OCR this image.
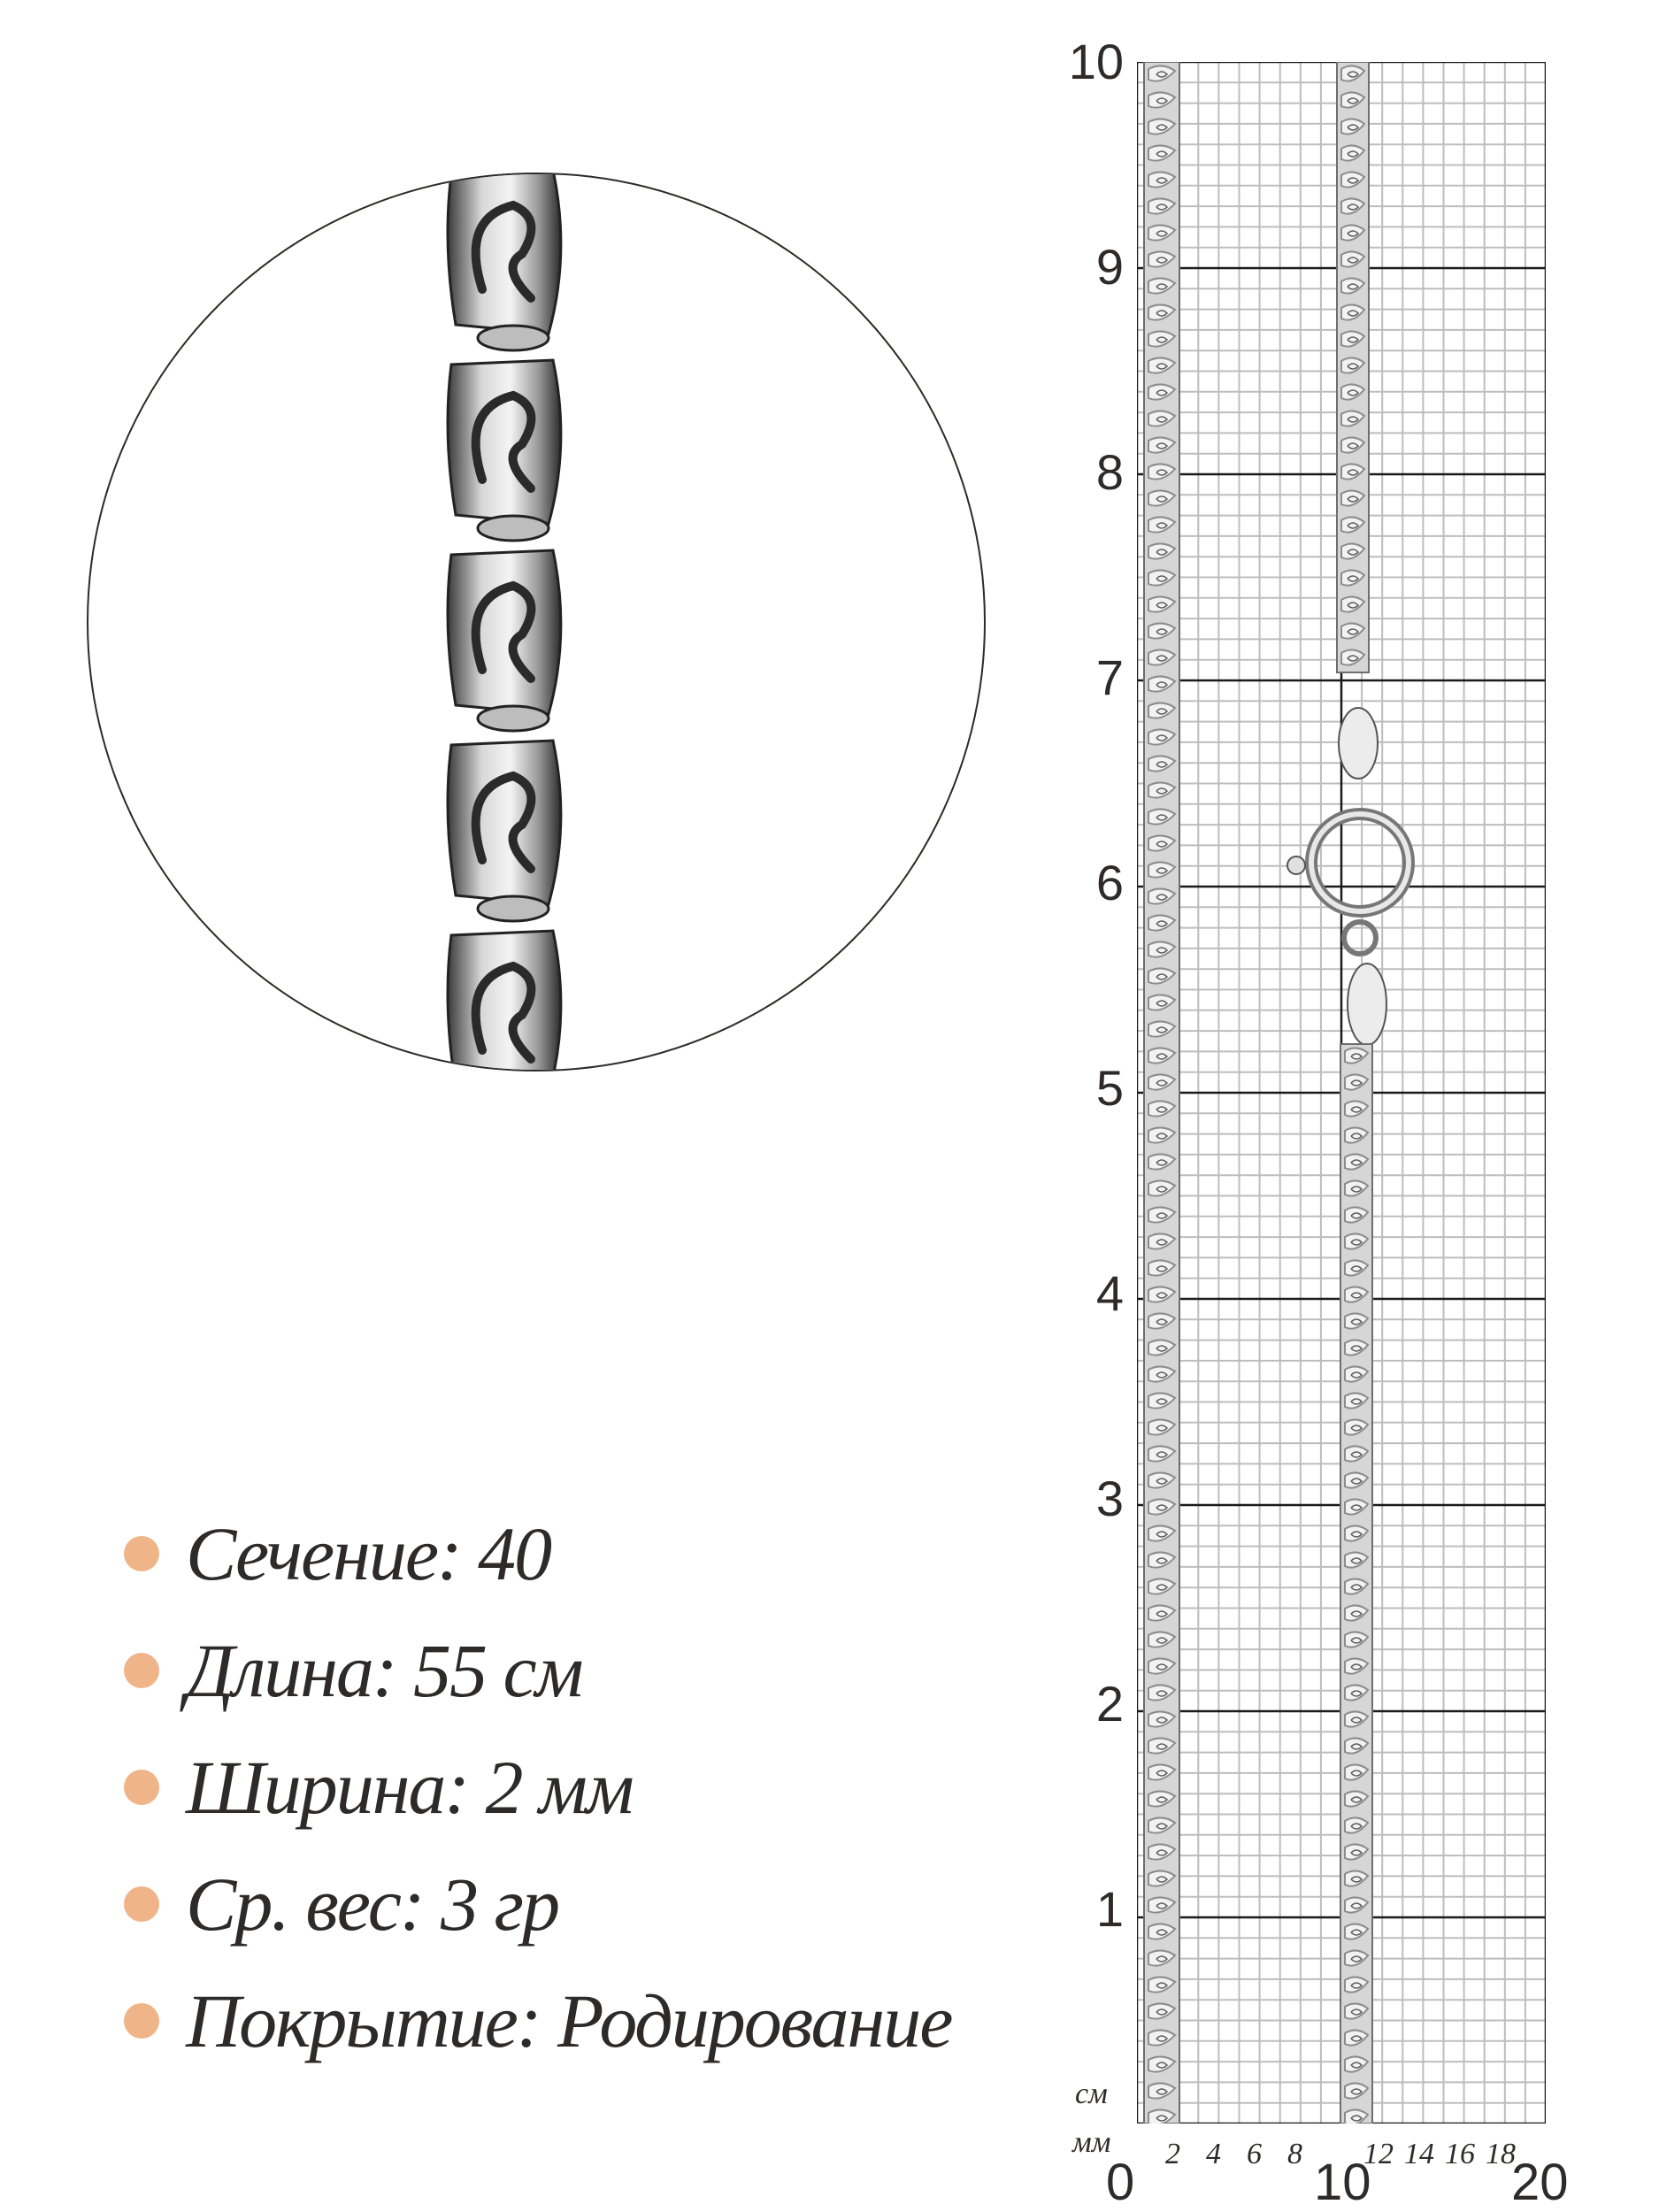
Сечение: 40
Длина: 55 см
Ширина: 2 мм
Ср. вес: 3 гр
Покрытие: Родирование
10
9
8
7
6
5
4
3
2
1
см
мм 2 4 6 8 12 14 16 18
0	10	20
